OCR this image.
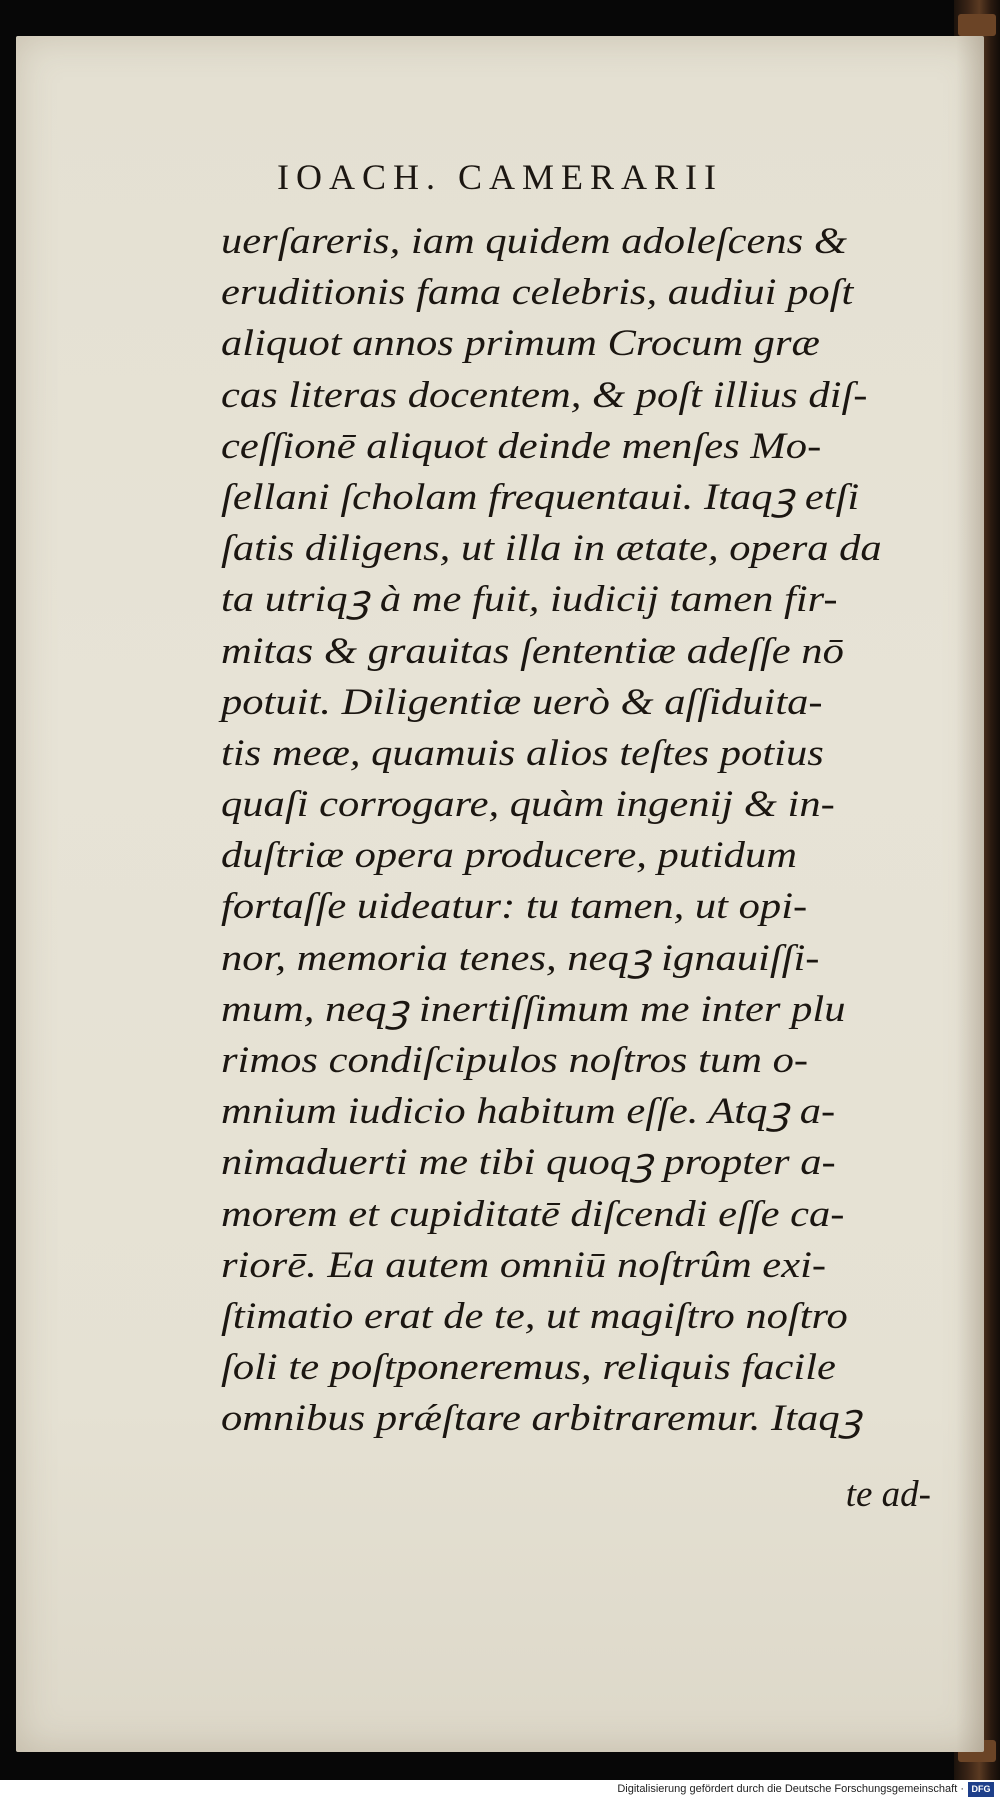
IOACH. CAMERARII
uerſareris, iam quidem adoleſcens &
eruditionis fama celebris, audiui poſt
aliquot annos primum Crocum græ
cas literas docentem, & poſt illius diſ-
ceſſionē aliquot deinde menſes Mo-
ſellani ſcholam frequentaui. Itaqꝫ etſi
ſatis diligens, ut illa in ætate, opera da
ta utriqꝫ à me fuit, iudicij tamen fir-
mitas & grauitas ſententiæ adeſſe nō
potuit. Diligentiæ uerò & aſſiduita-
tis meæ, quamuis alios teſtes potius
quaſi corrogare, quàm ingenij & in-
duſtriæ opera producere, putidum
fortaſſe uideatur: tu tamen, ut opi-
nor, memoria tenes, neqꝫ ignauiſſi-
mum, neqꝫ inertiſſimum me inter plu
rimos condiſcipulos noſtros tum o-
mnium iudicio habitum eſſe. Atqꝫ a-
nimaduerti me tibi quoqꝫ propter a-
morem et cupiditatē diſcendi eſſe ca-
riorē. Ea autem omniū noſtrûm exi-
ſtimatio erat de te, ut magiſtro noſtro
ſoli te poſtponeremus, reliquis facile
omnibus prǽſtare arbitraremur. Itaqꝫ
te ad-
Digitalisierung gefördert durch die Deutsche Forschungsgemeinschaft · DFG
